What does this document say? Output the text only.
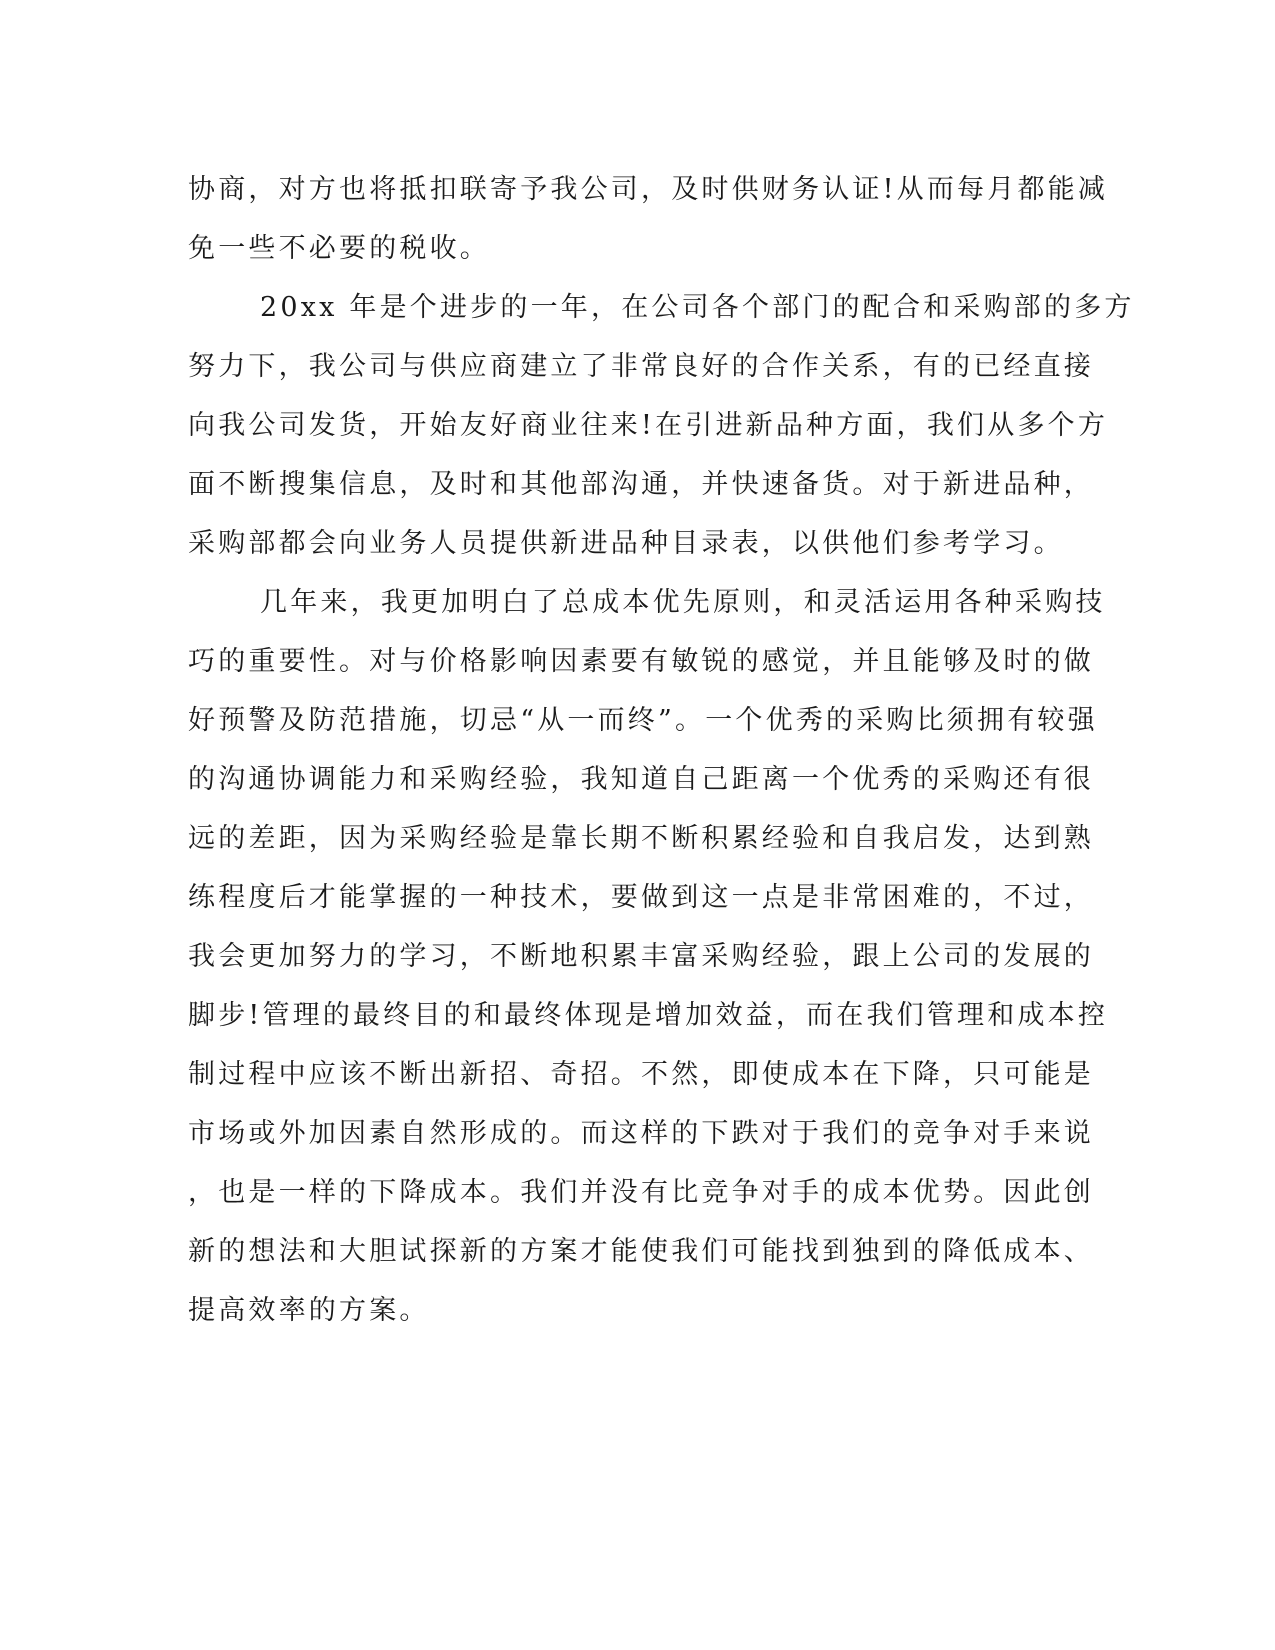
协商，对方也将抵扣联寄予我公司，及时供财务认证!从而每月都能减
免一些不必要的税收。
20xx 年是个进步的一年，在公司各个部门的配合和采购部的多方
努力下，我公司与供应商建立了非常良好的合作关系，有的已经直接
向我公司发货，开始友好商业往来!在引进新品种方面，我们从多个方
面不断搜集信息，及时和其他部沟通，并快速备货。对于新进品种，
采购部都会向业务人员提供新进品种目录表，以供他们参考学习。
几年来，我更加明白了总成本优先原则，和灵活运用各种采购技
巧的重要性。对与价格影响因素要有敏锐的感觉，并且能够及时的做
好预警及防范措施，切忌“从一而终”。一个优秀的采购比须拥有较强
的沟通协调能力和采购经验，我知道自己距离一个优秀的采购还有很
远的差距，因为采购经验是靠长期不断积累经验和自我启发，达到熟
练程度后才能掌握的一种技术，要做到这一点是非常困难的，不过，
我会更加努力的学习，不断地积累丰富采购经验，跟上公司的发展的
脚步!管理的最终目的和最终体现是增加效益，而在我们管理和成本控
制过程中应该不断出新招、奇招。不然，即使成本在下降，只可能是
市场或外加因素自然形成的。而这样的下跌对于我们的竞争对手来说
，也是一样的下降成本。我们并没有比竞争对手的成本优势。因此创
新的想法和大胆试探新的方案才能使我们可能找到独到的降低成本、
提高效率的方案。
